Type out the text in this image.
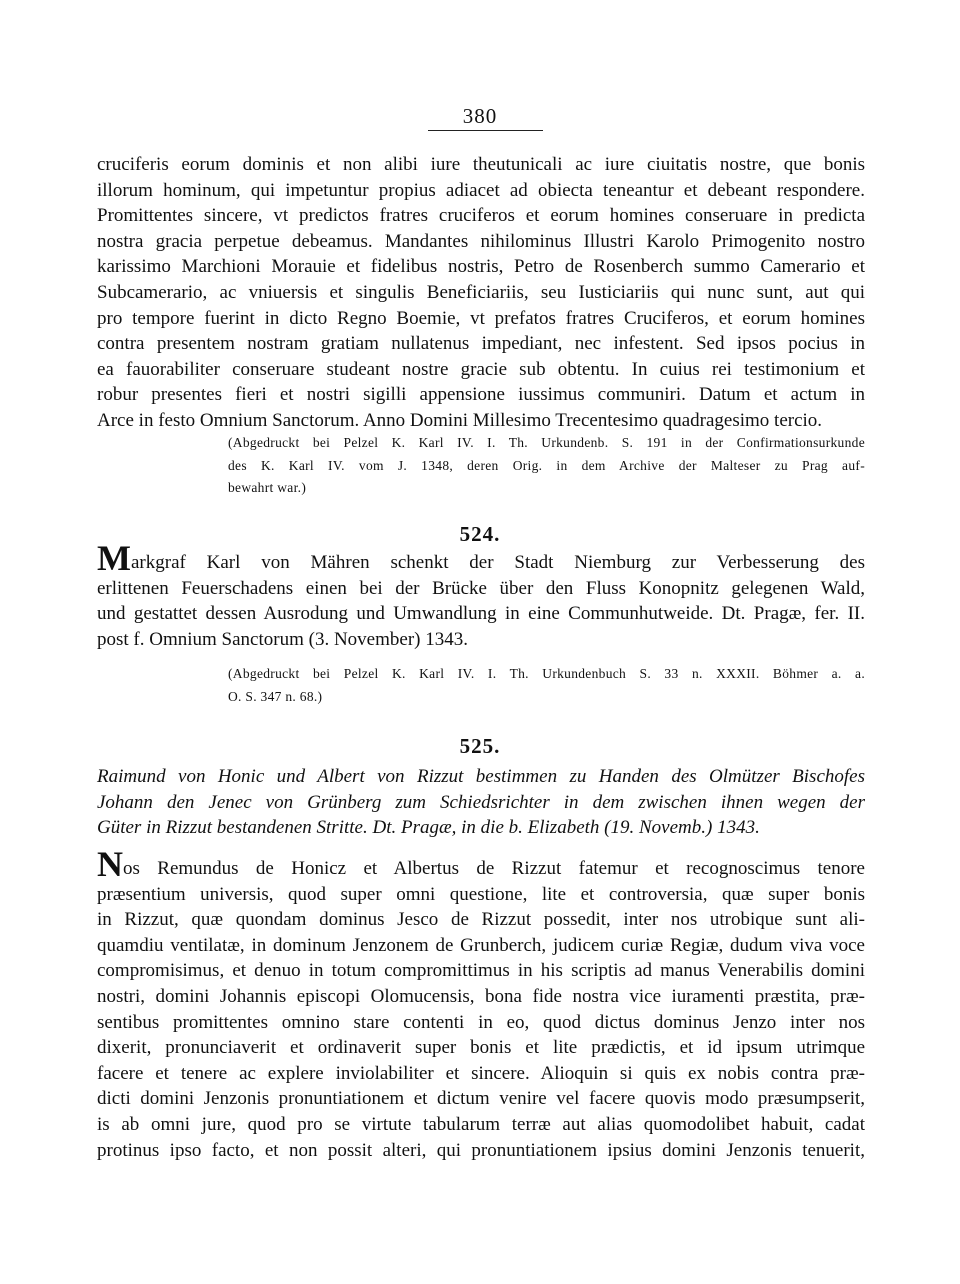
380

cruciferis eorum dominis et non alibi iure theutunicali ac iure ciuitatis nostre, que bonis
illorum hominum, qui impetuntur propius adiacet ad obiecta teneantur et debeant respondere.
Promittentes sincere, vt predictos fratres cruciferos et eorum homines conseruare in predicta
nostra gracia perpetue debeamus. Mandantes nihilominus Illustri Karolo Primogenito nostro
karissimo Marchioni Morauie et fidelibus nostris, Petro de Rosenberch summo Camerario et
Subcamerario, ac vniuersis et singulis Beneficiariis, seu Iusticiariis qui nunc sunt, aut qui
pro tempore fuerint in dicto Regno Boemie, vt prefatos fratres Cruciferos, et eorum homines
contra presentem nostram gratiam nullatenus impediant, nec infestent. Sed ipsos pocius in
ea fauorabiliter conseruare studeant nostre gracie sub obtentu. In cuius rei testimonium et
robur presentes fieri et nostri sigilli appensione iussimus communiri. Datum et actum in
Arce in festo Omnium Sanctorum. Anno Domini Millesimo Trecentesimo quadragesimo tercio.

(Abgedruckt bei Pelzel K. Karl IV. I. Th. Urkundenb. S. 191 in der Confirmationsurkunde
des K. Karl IV. vom J. 1348, deren Orig. in dem Archive der Malteser zu Prag auf-
bewahrt war.)

524.

Markgraf Karl von Mähren schenkt der Stadt Niemburg zur Verbesserung des
erlittenen Feuerschadens einen bei der Brücke über den Fluss Konopnitz gelegenen Wald,
und gestattet dessen Ausrodung und Umwandlung in eine Communhutweide. Dt. Pragæ, fer. II.
post f. Omnium Sanctorum (3. November) 1343.

(Abgedruckt bei Pelzel K. Karl IV. I. Th. Urkundenbuch S. 33 n. XXXII. Böhmer a. a.
O. S. 347 n. 68.)

525.

Raimund von Honic und Albert von Rizzut bestimmen zu Handen des Olmützer Bischofes
Johann den Jenec von Grünberg zum Schiedsrichter in dem zwischen ihnen wegen der
Güter in Rizzut bestandenen Stritte. Dt. Pragæ, in die b. Elizabeth (19. Novemb.) 1343.

Nos Remundus de Honicz et Albertus de Rizzut fatemur et recognoscimus tenore
præsentium universis, quod super omni questione, lite et controversia, quæ super bonis
in Rizzut, quæ quondam dominus Jesco de Rizzut possedit, inter nos utrobique sunt ali-
quamdiu ventilatæ, in dominum Jenzonem de Grunberch, judicem curiæ Regiæ, dudum viva voce
compromisimus, et denuo in totum compromittimus in his scriptis ad manus Venerabilis domini
nostri, domini Johannis episcopi Olomucensis, bona fide nostra vice iuramenti præstita, præ-
sentibus promittentes omnino stare contenti in eo, quod dictus dominus Jenzo inter nos
dixerit, pronunciaverit et ordinaverit super bonis et lite prædictis, et id ipsum utrimque
facere et tenere ac explere inviolabiliter et sincere. Alioquin si quis ex nobis contra præ-
dicti domini Jenzonis pronuntiationem et dictum venire vel facere quovis modo præsumpserit,
is ab omni jure, quod pro se virtute tabularum terræ aut alias quomodolibet habuit, cadat
protinus ipso facto, et non possit alteri, qui pronuntiationem ipsius domini Jenzonis tenuerit,
